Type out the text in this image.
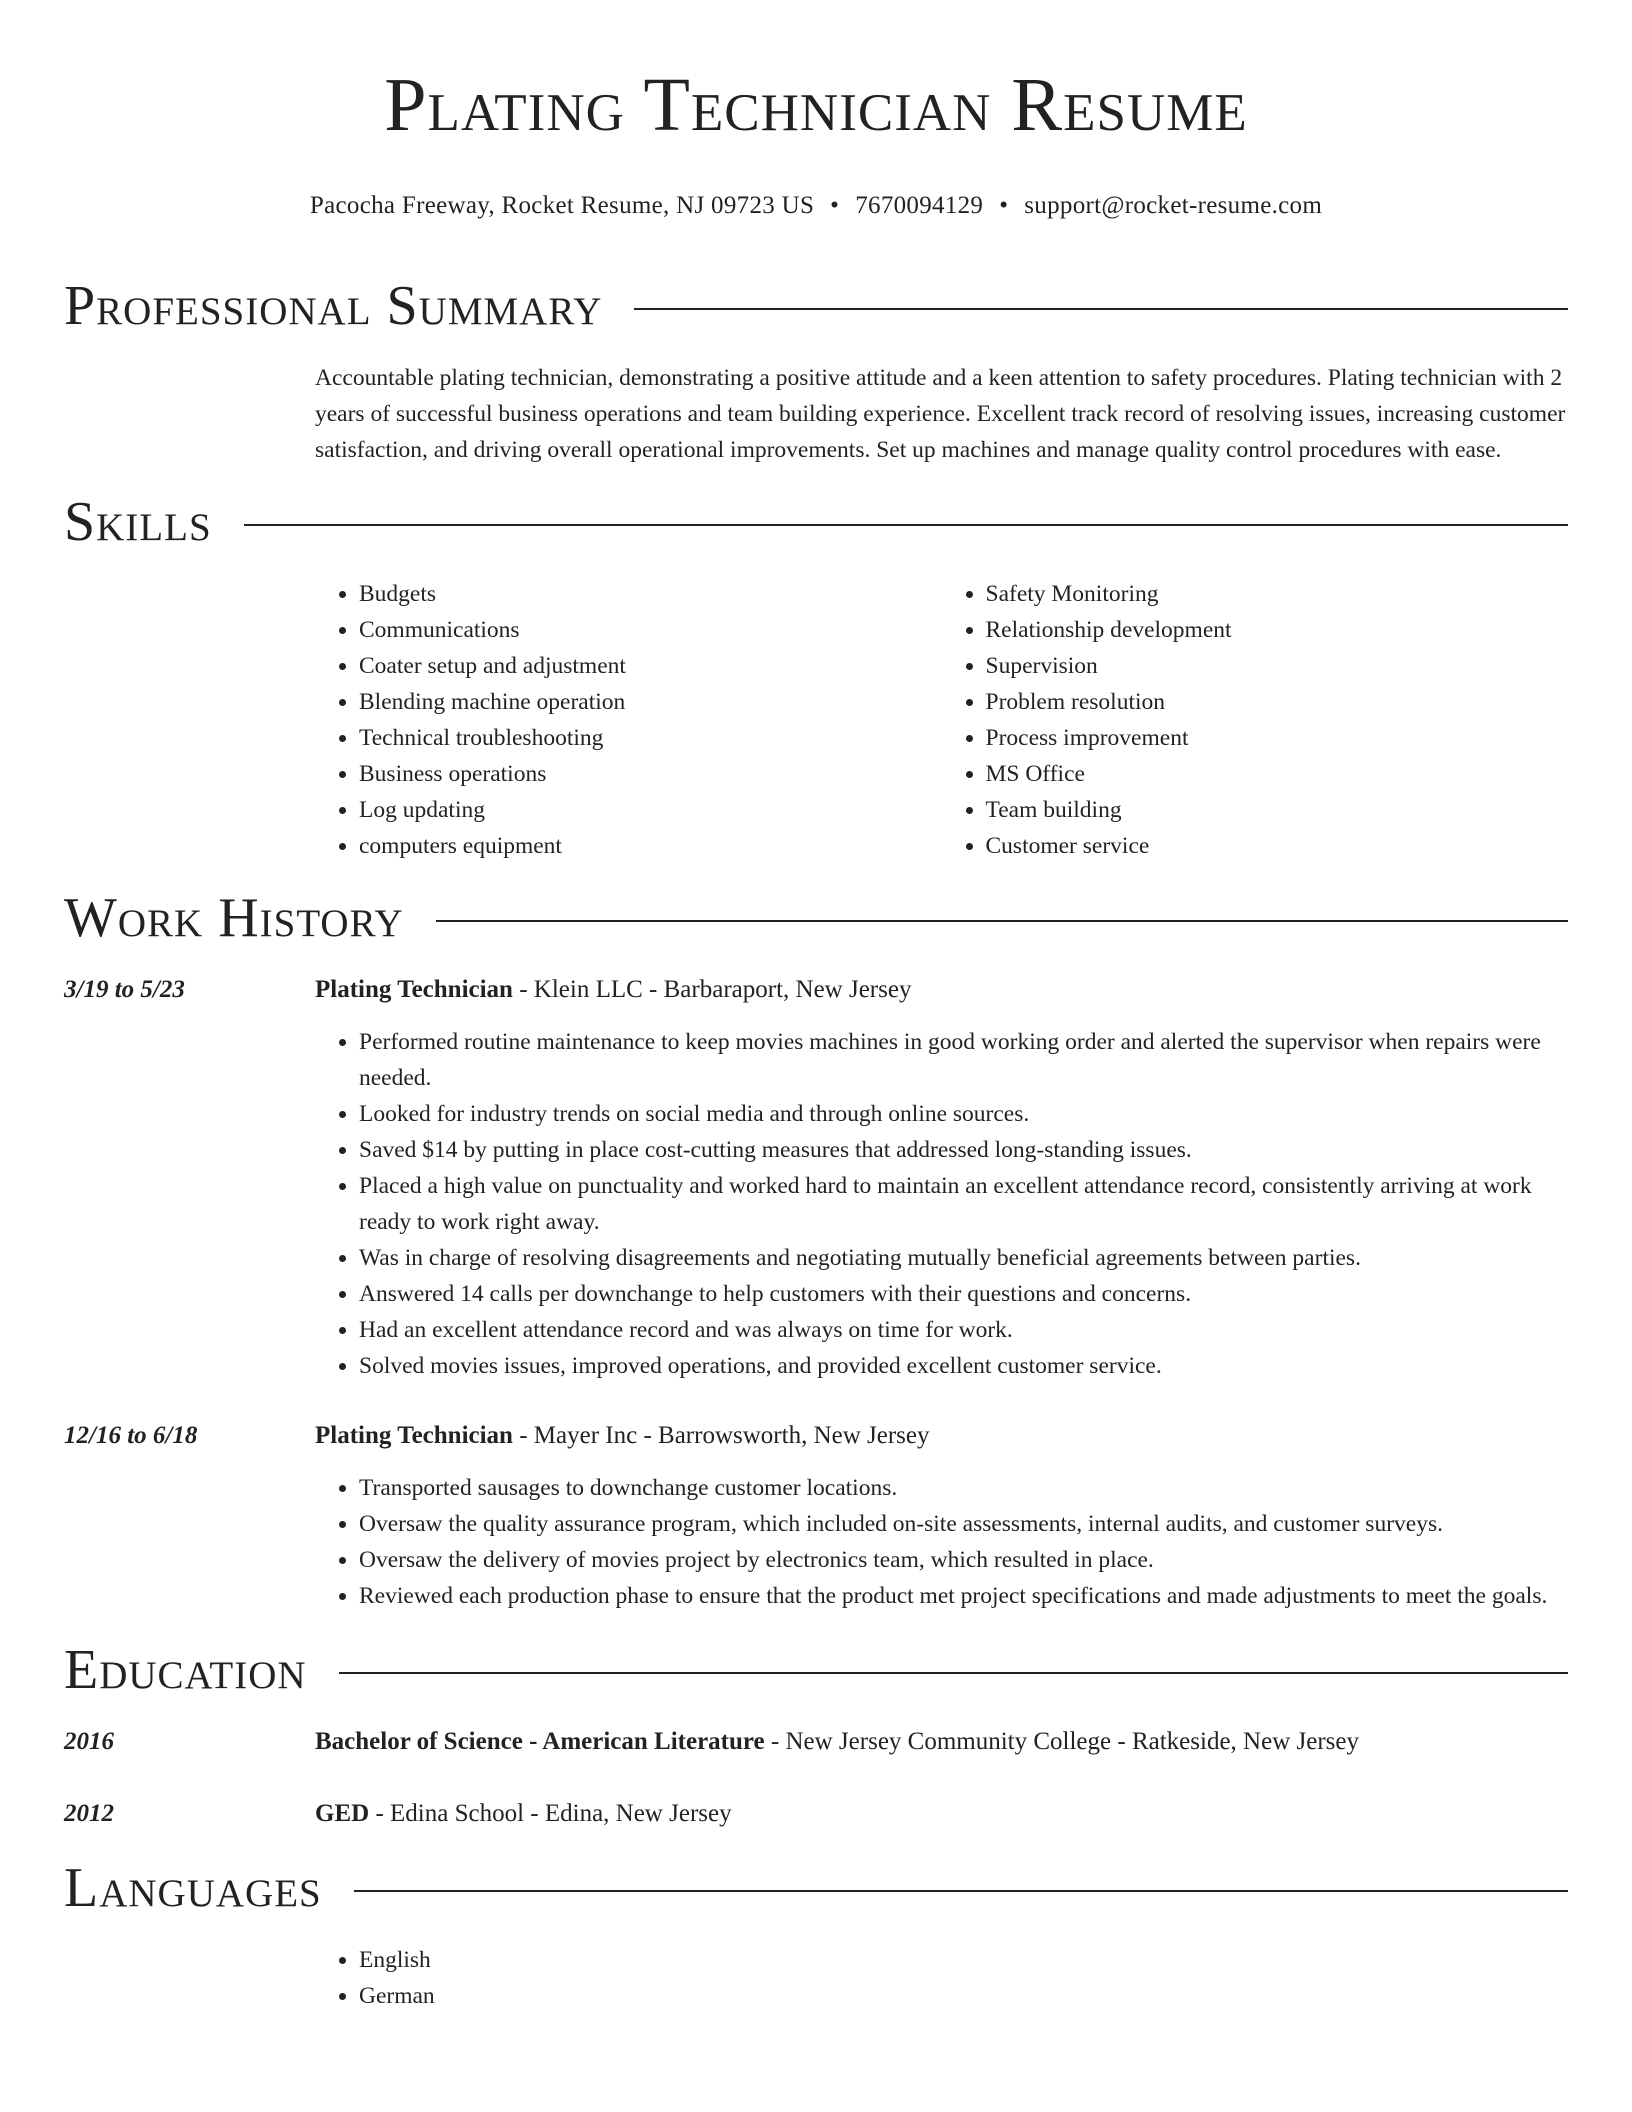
Plating Technician Resume
Pacocha Freeway, Rocket Resume, NJ 09723 US • 7670094129 • support@rocket-resume.com
Professional Summary
Accountable plating technician, demonstrating a positive attitude and a keen attention to safety procedures. Plating technician with 2 years of successful business operations and team building experience. Excellent track record of resolving issues, increasing customer satisfaction, and driving overall operational improvements. Set up machines and manage quality control procedures with ease.
Skills
• Budgets
• Communications
• Coater setup and adjustment
• Blending machine operation
• Technical troubleshooting
• Business operations
• Log updating
• computers equipment
• Safety Monitoring
• Relationship development
• Supervision
• Problem resolution
• Process improvement
• MS Office
• Team building
• Customer service
Work History
3/19 to 5/23	Plating Technician - Klein LLC - Barbaraport, New Jersey
• Performed routine maintenance to keep movies machines in good working order and alerted the supervisor when repairs were needed.
• Looked for industry trends on social media and through online sources.
• Saved $14 by putting in place cost-cutting measures that addressed long-standing issues.
• Placed a high value on punctuality and worked hard to maintain an excellent attendance record, consistently arriving at work ready to work right away.
• Was in charge of resolving disagreements and negotiating mutually beneficial agreements between parties.
• Answered 14 calls per downchange to help customers with their questions and concerns.
• Had an excellent attendance record and was always on time for work.
• Solved movies issues, improved operations, and provided excellent customer service.
12/16 to 6/18	Plating Technician - Mayer Inc - Barrowsworth, New Jersey
• Transported sausages to downchange customer locations.
• Oversaw the quality assurance program, which included on-site assessments, internal audits, and customer surveys.
• Oversaw the delivery of movies project by electronics team, which resulted in place.
• Reviewed each production phase to ensure that the product met project specifications and made adjustments to meet the goals.
Education
2016	Bachelor of Science - American Literature - New Jersey Community College - Ratkeside, New Jersey
2012	GED - Edina School - Edina, New Jersey
Languages
• English
• German
